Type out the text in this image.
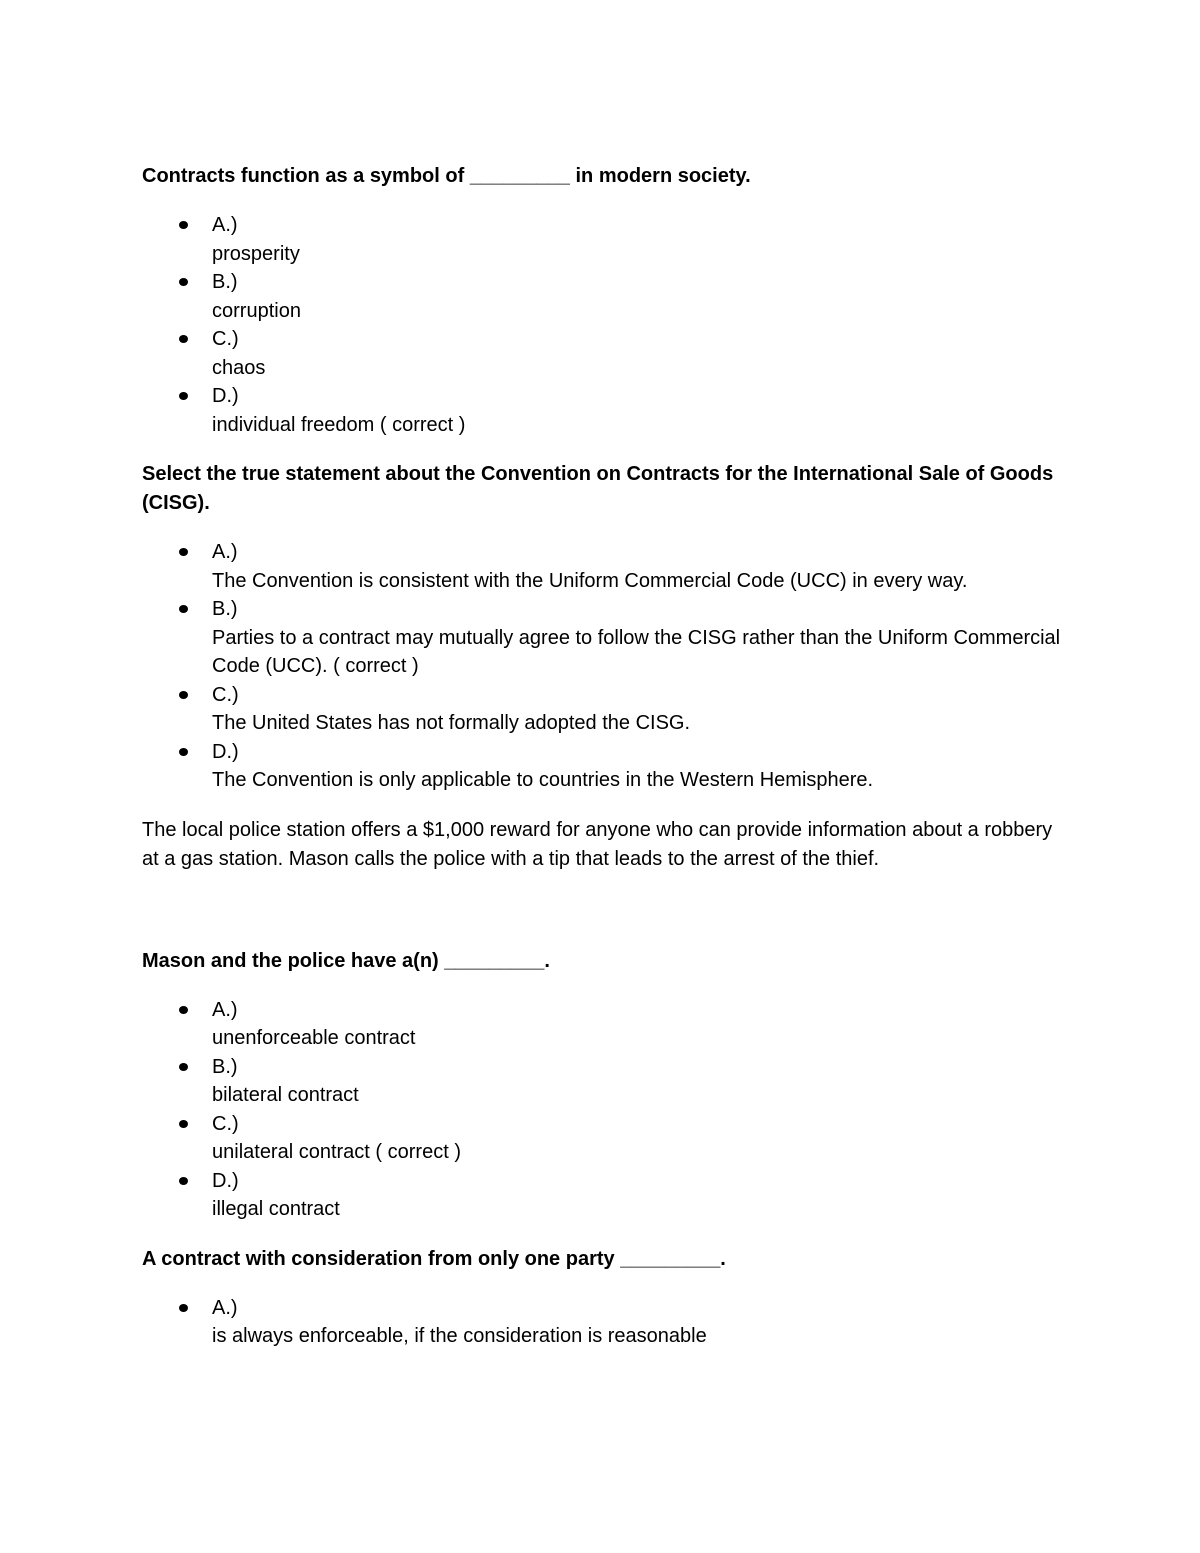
Contracts function as a symbol of _________ in modern society.

A.)
prosperity
B.)
corruption
C.)
chaos
D.)
individual freedom ( correct )

Select the true statement about the Convention on Contracts for the International Sale of Goods (CISG).

A.)
The Convention is consistent with the Uniform Commercial Code (UCC) in every way.
B.)
Parties to a contract may mutually agree to follow the CISG rather than the Uniform Commercial Code (UCC). ( correct )
C.)
The United States has not formally adopted the CISG.
D.)
The Convention is only applicable to countries in the Western Hemisphere.

The local police station offers a $1,000 reward for anyone who can provide information about a robbery at a gas station. Mason calls the police with a tip that leads to the arrest of the thief.

Mason and the police have a(n) _________.

A.)
unenforceable contract
B.)
bilateral contract
C.)
unilateral contract ( correct )
D.)
illegal contract

A contract with consideration from only one party _________.

A.)
is always enforceable, if the consideration is reasonable
